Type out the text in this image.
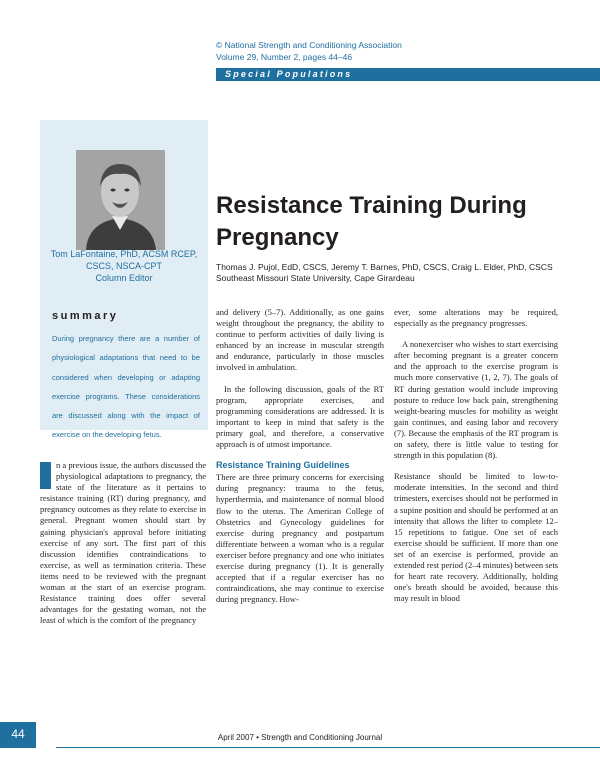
© National Strength and Conditioning Association
Volume 29, Number 2, pages 44–46
Special Populations
Tom LaFontaine, PhD, ACSM RCEP,
CSCS, NSCA-CPT
Column Editor
summary
During pregnancy there are a number of physiological adaptations that need to be considered when developing or adapting exercise programs. These considerations are discussed along with the impact of exercise on the developing fetus.
Resistance Training During Pregnancy
Thomas J. Pujol, EdD, CSCS, Jeremy T. Barnes, PhD, CSCS, Craig L. Elder, PhD, CSCS
Southeast Missouri State University, Cape Girardeau

n a previous issue, the authors discussed the physiological adaptations to pregnancy, the state of the literature as it pertains to resistance training (RT) during pregnancy, and pregnancy outcomes as they relate to exercise in general. Pregnant women should start by gaining physician's approval before initiating exercise of any sort. The first part of this discussion identifies contraindications to exercise, as well as termination criteria. These items need to be reviewed with the pregnant woman at the start of an exercise program. Resistance training does offer several advantages for the gestating woman, not the least of which is the comfort of the pregnancy

and delivery (5–7). Additionally, as one gains weight throughout the pregnancy, the ability to continue to perform activities of daily living is enhanced by an increase in muscular strength and endurance, particularly in those muscles involved in ambulation.

In the following discussion, goals of the RT program, appropriate exercises, and programming considerations are addressed. It is important to keep in mind that safety is the primary goal, and therefore, a conservative approach is of utmost importance.

Resistance Training Guidelines

There are three primary concerns for exercising during pregnancy: trauma to the fetus, hyperthermia, and maintenance of normal blood flow to the uterus. The American College of Obstetrics and Gynecology guidelines for exercise during pregnancy and postpartum differentiate between a woman who is a regular exerciser before pregnancy and one who initiates exercise during pregnancy (1). It is generally accepted that if a regular exerciser has no contraindications, she may continue to exercise during pregnancy. How-

ever, some alterations may be required, especially as the pregnancy progresses.

A nonexerciser who wishes to start exercising after becoming pregnant is a greater concern and the approach to the exercise program is much more conservative (1, 2, 7). The goals of RT during gestation would include improving posture to reduce low back pain, strengthening weight-bearing muscles for mobility as weight gain continues, and easing labor and recovery (7). Because the emphasis of the RT program is on safety, there is little value to testing for strength in this population (8).

Resistance should be limited to low-to-moderate intensities. In the second and third trimesters, exercises should not be performed in a supine position and should be performed at an intensity that allows the lifter to complete 12–15 repetitions to fatigue. One set of each exercise should be sufficient. If more than one set of an exercise is performed, provide an extended rest period (2–4 minutes) between sets for heart rate recovery. Additionally, holding one's breath should be avoided, because this may result in blood

44	April 2007 • Strength and Conditioning Journal
